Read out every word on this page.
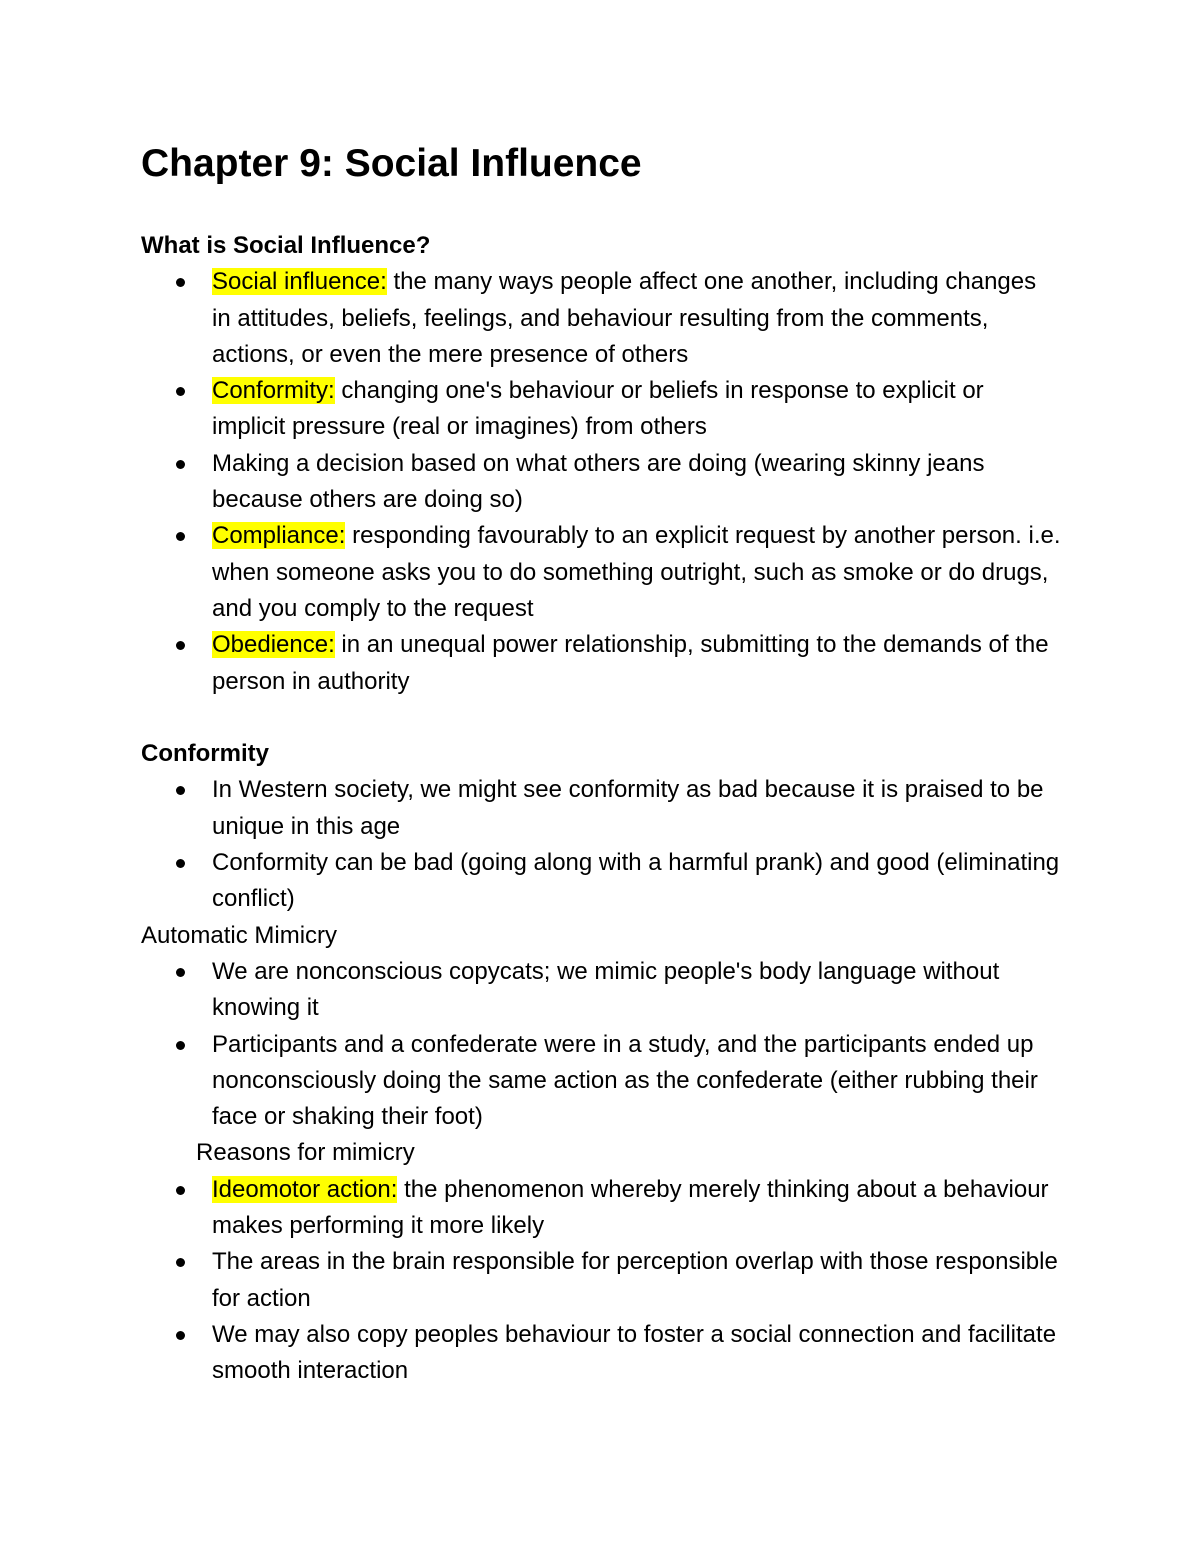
Chapter 9: Social Influence
What is Social Influence?
Social influence: the many ways people affect one another, including changes in attitudes, beliefs, feelings, and behaviour resulting from the comments, actions, or even the mere presence of others
Conformity: changing one's behaviour or beliefs in response to explicit or implicit pressure (real or imagines) from others
Making a decision based on what others are doing (wearing skinny jeans because others are doing so)
Compliance: responding favourably to an explicit request by another person. i.e. when someone asks you to do something outright, such as smoke or do drugs, and you comply to the request
Obedience: in an unequal power relationship, submitting to the demands of the person in authority
Conformity
In Western society, we might see conformity as bad because it is praised to be unique in this age
Conformity can be bad (going along with a harmful prank) and good (eliminating conflict)
Automatic Mimicry
We are nonconscious copycats; we mimic people's body language without knowing it
Participants and a confederate were in a study, and the participants ended up nonconsciously doing the same action as the confederate (either rubbing their face or shaking their foot)
Reasons for mimicry
Ideomotor action: the phenomenon whereby merely thinking about a behaviour makes performing it more likely
The areas in the brain responsible for perception overlap with those responsible for action
We may also copy peoples behaviour to foster a social connection and facilitate smooth interaction
